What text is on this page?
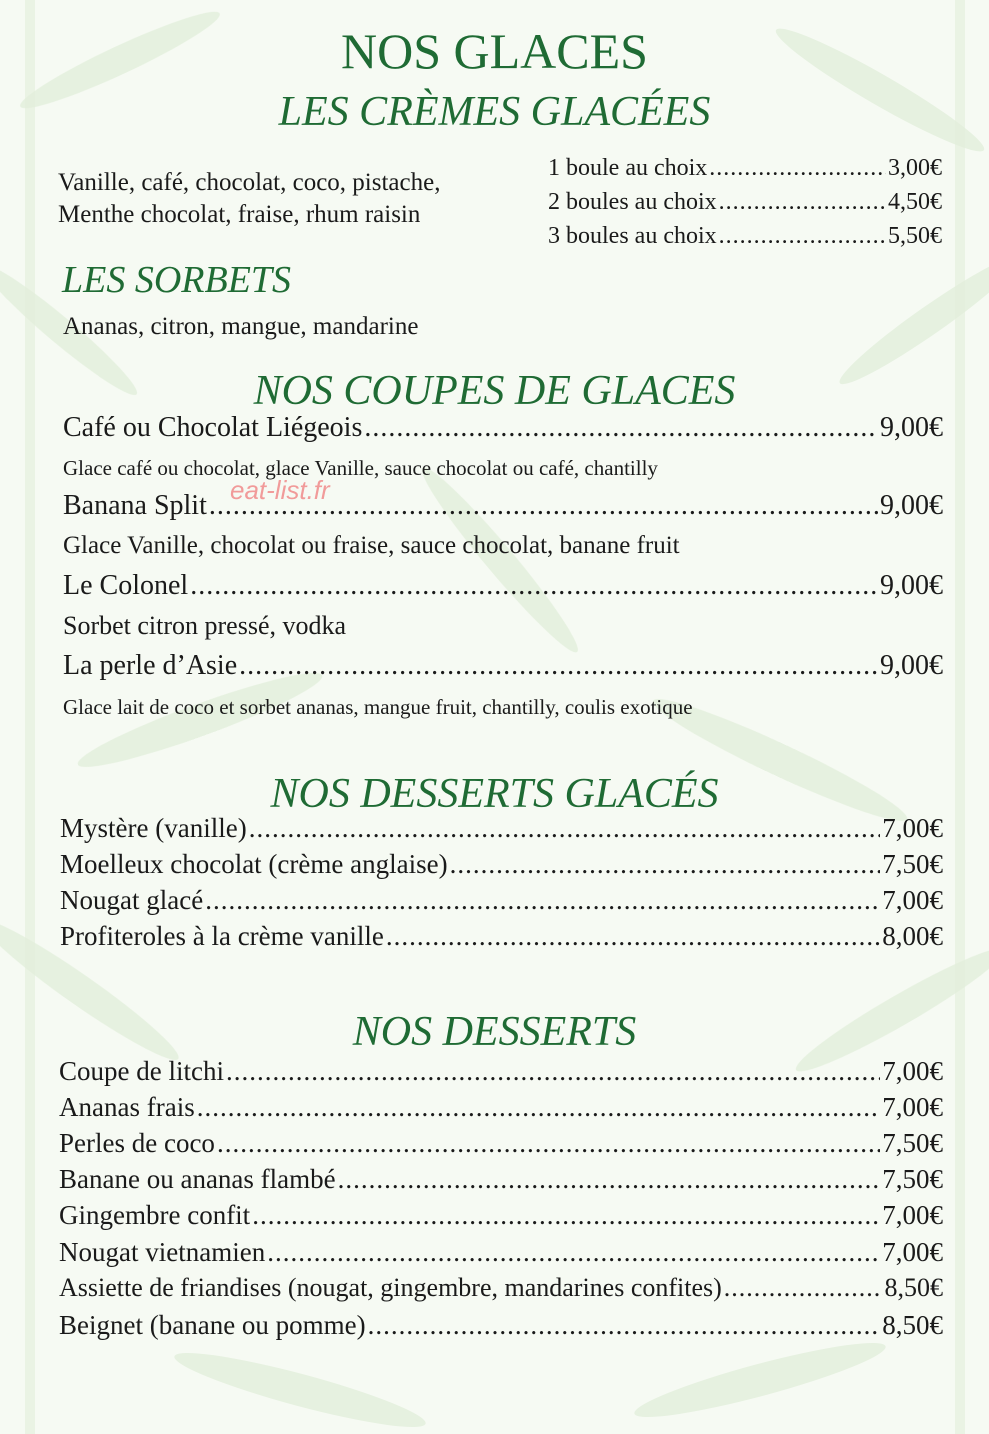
eat-list.fr
NOS GLACES
LES CRÈMES GLACÉES
Vanille, café, chocolat, coco, pistache,
Menthe chocolat, fraise, rhum raisin
1 boule au choix .....	3,00€
2 boules au choix .....	4,50€
3 boules au choix .....	5,50€
LES SORBETS
Ananas, citron, mangue, mandarine
NOS COUPES DE GLACES
Café ou Chocolat Liégeois .....	9,00€
Glace café ou chocolat, glace Vanille, sauce chocolat ou café, chantilly
Banana Split .....	9,00€
Glace Vanille, chocolat ou fraise, sauce chocolat, banane fruit
Le Colonel .....	9,00€
Sorbet citron pressé, vodka
La perle d’Asie .....	9,00€
Glace lait de coco et sorbet ananas, mangue fruit, chantilly, coulis exotique
NOS DESSERTS GLACÉS
Mystère (vanille) .....	7,00€
Moelleux chocolat (crème anglaise) .....	7,50€
Nougat glacé .....	7,00€
Profiteroles à la crème vanille .....	8,00€
NOS DESSERTS
Coupe de litchi .....	7,00€
Ananas frais .....	7,00€
Perles de coco .....	7,50€
Banane ou ananas flambé .....	7,50€
Gingembre confit .....	7,00€
Nougat vietnamien .....	7,00€
Assiette de friandises (nougat, gingembre, mandarines confites) .....	8,50€
Beignet (banane ou pomme) .....	8,50€
